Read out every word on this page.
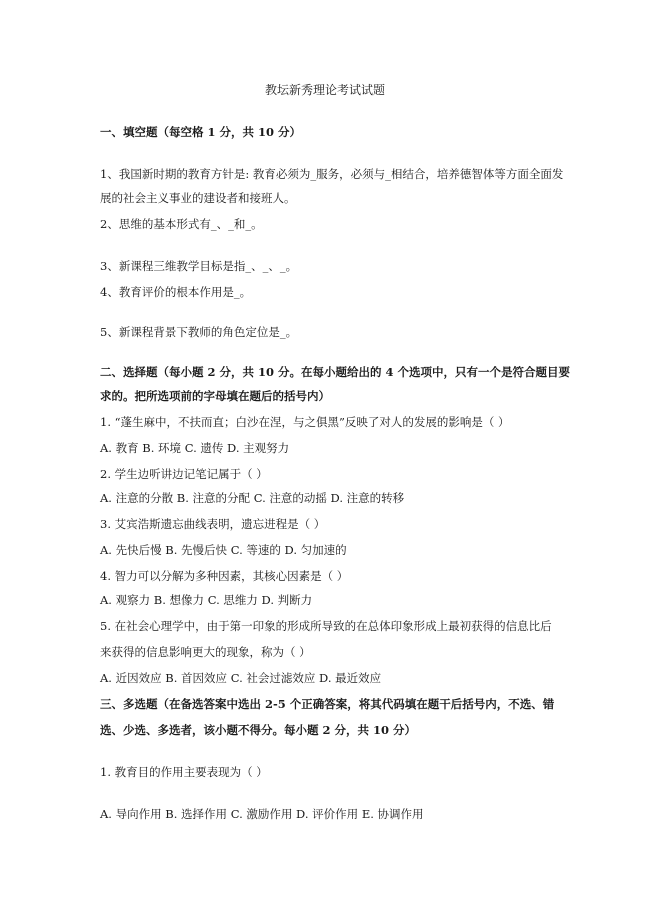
教坛新秀理论考试试题
一、填空题（每空格 1 分，共 10 分）
1、我国新时期的教育方针是: 教育必须为_服务，必须与_相结合，培养德智体等方面全面发
展的社会主义事业的建设者和接班人。
2、思维的基本形式有_、_和_。
3、新课程三维教学目标是指_、_、_。
4、教育评价的根本作用是_。
5、新课程背景下教师的角色定位是_。
二、选择题（每小题 2 分，共 10 分。在每小题给出的 4 个选项中，只有一个是符合题目要
求的。把所选项前的字母填在题后的括号内）
1. “蓬生麻中，不扶而直；白沙在涅，与之俱黑”反映了对人的发展的影响是（ ）
A. 教育 B. 环境 C. 遗传 D. 主观努力
2. 学生边听讲边记笔记属于（ ）
A. 注意的分散 B. 注意的分配 C. 注意的动摇 D. 注意的转移
3. 艾宾浩斯遗忘曲线表明，遗忘进程是（ ）
A. 先快后慢 B. 先慢后快 C. 等速的 D. 匀加速的
4. 智力可以分解为多种因素，其核心因素是（ ）
A. 观察力 B. 想像力 C. 思维力 D. 判断力
5. 在社会心理学中，由于第一印象的形成所导致的在总体印象形成上最初获得的信息比后
来获得的信息影响更大的现象，称为（ ）
A. 近因效应 B. 首因效应 C. 社会过滤效应 D. 最近效应
三、多选题（在备选答案中选出 2-5 个正确答案，将其代码填在题干后括号内，不选、错
选、少选、多选者，该小题不得分。每小题 2 分，共 10 分）
1. 教育目的作用主要表现为（ ）
A. 导向作用 B. 选择作用 C. 激励作用 D. 评价作用 E. 协调作用
